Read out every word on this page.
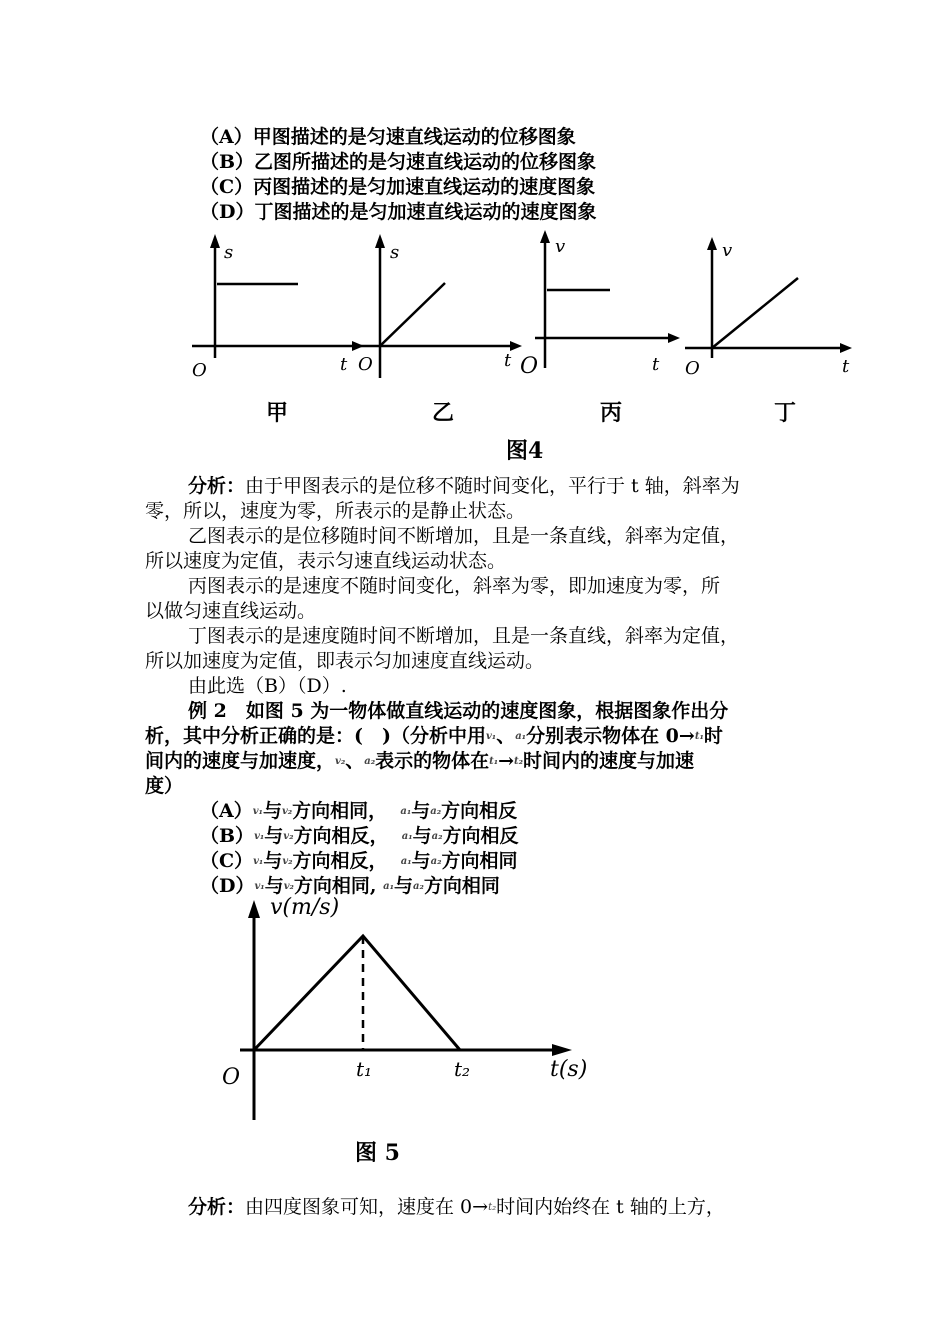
（A）甲图描述的是匀速直线运动的位移图象
（B）乙图所描述的是匀速直线运动的位移图象
（C）丙图描述的是匀加速直线运动的速度图象
（D）丁图描述的是匀加速直线运动的速度图象
s
O	t
s
O	t
v
O	t
v
O	t
甲	乙	丙	丁
图4
分析：由于甲图表示的是位移不随时间变化，平行于 t 轴，斜率为
零，所以，速度为零，所表示的是静止状态。
乙图表示的是位移随时间不断增加，且是一条直线，斜率为定值，
所以速度为定值，表示匀速直线运动状态。
丙图表示的是速度不随时间变化，斜率为零，即加速度为零，所
以做匀速直线运动。
丁图表示的是速度随时间不断增加，且是一条直线，斜率为定值，
所以加速度为定值，即表示匀加速度直线运动。
由此选（B）（D）.
例 2　如图 5 为一物体做直线运动的速度图象，根据图象作出分
析，其中分析正确的是：(　)（分析中用v₁、a₁分别表示物体在 0→t₁时
间内的速度与加速度，v₂、a₂表示的物体在t₁→t₂时间内的速度与加速
度）
（A）v₁与v₂方向相同， a₁与a₂方向相反
（B）v₁与v₂方向相反， a₁与a₂方向相反
（C）v₁与v₂方向相反， a₁与a₂方向相同
（D）v₁与v₂方向相同, a₁与a₂方向相同
v(m/s)
O	t₁	t₂	t(s)
图 5
分析：由四度图象可知，速度在 0→t₂时间内始终在 t 轴的上方，
